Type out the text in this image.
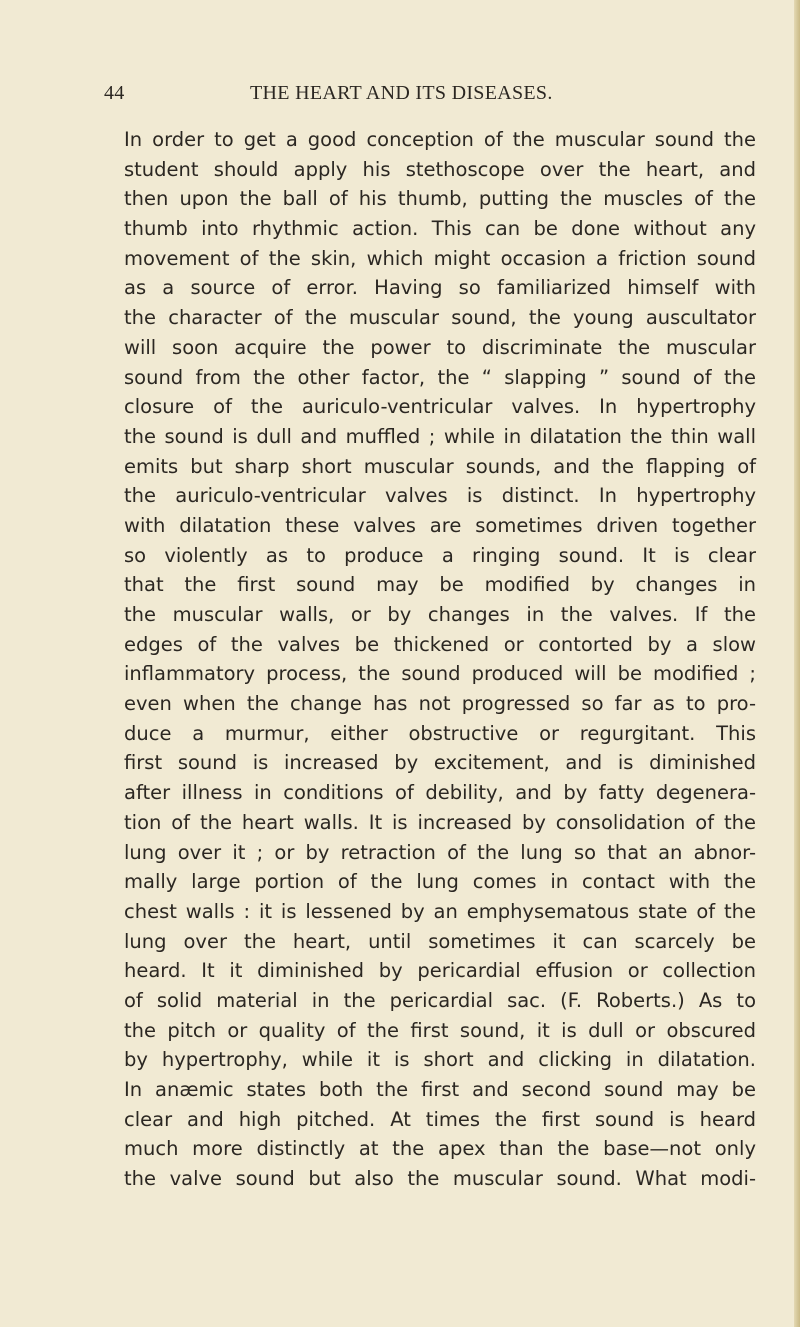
44	THE HEART AND ITS DISEASES.
In order to get a good conception of the muscular sound the
student should apply his stethoscope over the heart, and
then upon the ball of his thumb, putting the muscles of the
thumb into rhythmic action. This can be done without any
movement of the skin, which might occasion a friction sound
as a source of error. Having so familiarized himself with
the character of the muscular sound, the young auscultator
will soon acquire the power to discriminate the muscular
sound from the other factor, the “ slapping ” sound of the
closure of the auriculo-ventricular valves. In hypertrophy
the sound is dull and muffled ; while in dilatation the thin wall
emits but sharp short muscular sounds, and the flapping of
the auriculo-ventricular valves is distinct. In hypertrophy
with dilatation these valves are sometimes driven together
so violently as to produce a ringing sound. It is clear
that the first sound may be modified by changes in
the muscular walls, or by changes in the valves. If the
edges of the valves be thickened or contorted by a slow
inflammatory process, the sound produced will be modified ;
even when the change has not progressed so far as to pro-
duce a murmur, either obstructive or regurgitant. This
first sound is increased by excitement, and is diminished
after illness in conditions of debility, and by fatty degenera-
tion of the heart walls. It is increased by consolidation of the
lung over it ; or by retraction of the lung so that an abnor-
mally large portion of the lung comes in contact with the
chest walls : it is lessened by an emphysematous state of the
lung over the heart, until sometimes it can scarcely be
heard. It it diminished by pericardial effusion or collection
of solid material in the pericardial sac. (F. Roberts.) As to
the pitch or quality of the first sound, it is dull or obscured
by hypertrophy, while it is short and clicking in dilatation.
In anæmic states both the first and second sound may be
clear and high pitched. At times the first sound is heard
much more distinctly at the apex than the base—not only
the valve sound but also the muscular sound. What modi-
